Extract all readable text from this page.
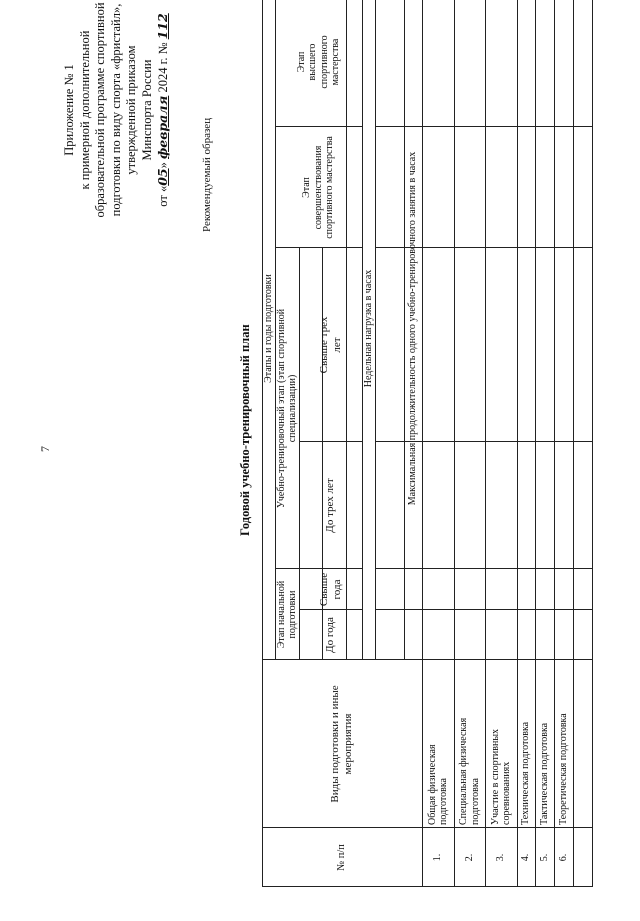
7
Приложение № 1 к примерной дополнительной образовательной программе спортивной подготовки по виду спорта «фристайл», утвержденной приказом Минспорта России
от «05» февраля 2024 г. № 112
Рекомендуемый образец
Годовой учебно-тренировочный план
№ п/п
Виды подготовки и иные мероприятия
Этапы и годы подготовки
Этап начальной подготовки	До года
Свыше года
Учебно-тренировочный этап (этап спортивной специализации)
До трех лет
Свыше трех лет
Этап совершенствования спортивного мастерства
Этап высшего спортивного мастерства
Недельная нагрузка в часах	Максимальная продолжительность одного учебно-тренировочного занятия в часах
1.
Общая физическая подготовка
2.
Специальная физическая подготовка
3.
Участие в спортивных соревнованиях
4.
Техническая подготовка
5.
Тактическая подготовка
6.
Теоретическая подготовка
